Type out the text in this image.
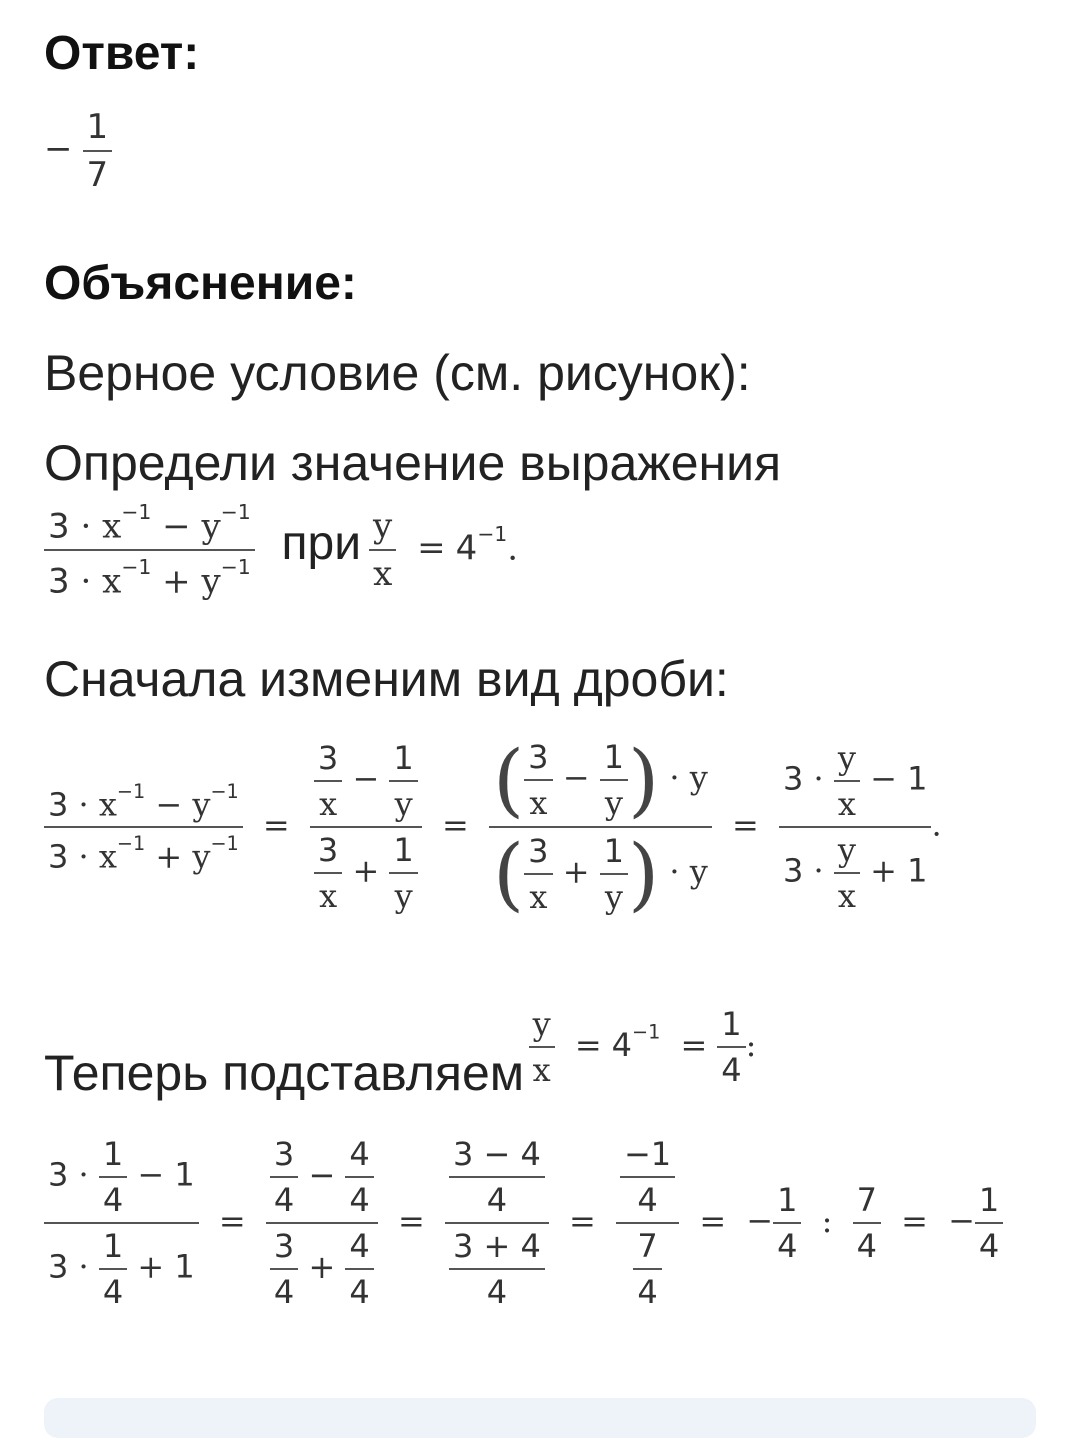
Ответ:
− $\frac{1}{7}$
Объяснение:
Верное условие (см. рисунок):
Определи значение выражения
$\frac{3 \cdot x^{-1} - y^{-1}}{3 \cdot x^{-1} + y^{-1}}$ при $\frac{y}{x} = 4^{-1}$.
Сначала изменим вид дроби:
$\frac{3 \cdot x^{-1} - y^{-1}}{3 \cdot x^{-1} + y^{-1}} = \frac{\frac{3}{x} - \frac{1}{y}}{\frac{3}{x} + \frac{1}{y}} = \frac{( \frac{3}{x} - \frac{1}{y} ) \cdot y}{( \frac{3}{x} + \frac{1}{y} ) \cdot y} = \frac{3 \cdot \frac{y}{x} - 1}{3 \cdot \frac{y}{x} + 1}$ .
Теперь подставляем $\frac{y}{x} = 4^{-1} = \frac{1}{4}$ :
$\frac{3 \cdot \frac{1}{4} - 1}{3 \cdot \frac{1}{4} + 1} = \frac{\frac{3}{4} - \frac{4}{4}}{\frac{3}{4} + \frac{4}{4}} = \frac{\frac{3 - 4}{4}}{\frac{3 + 4}{4}} = \frac{\frac{-1}{4}}{\frac{7}{4}}$ = − $\frac{1}{4}$ : $\frac{7}{4}$ = − $\frac{1}{4}$
